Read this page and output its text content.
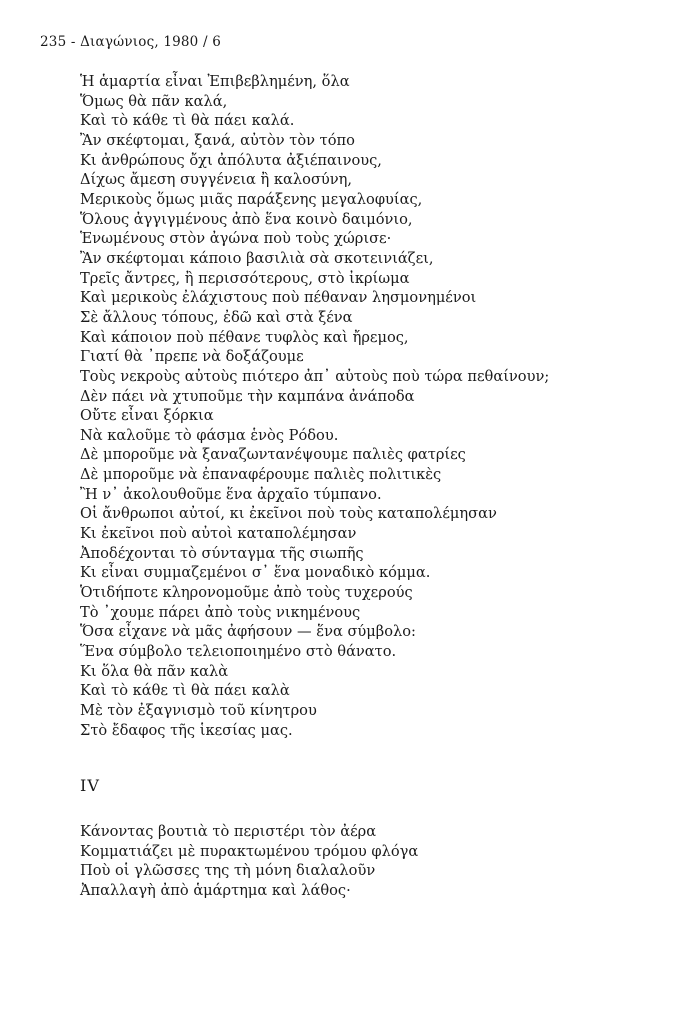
235 - Διαγώνιος, 1980 / 6
Ἡ ἁμαρτία εἶναι Ἐπιβεβλημένη, ὅλα
Ὅμως θὰ πᾶν καλά,
Καὶ τὸ κάθε τὶ θὰ πάει καλά.
Ἂν σκέφτομαι, ξανά, αὐτὸν τὸν τόπο
Κι ἀνθρώπους ὄχι ἀπόλυτα ἀξιέπαινους,
Δίχως ἄμεση συγγένεια ἢ καλοσύνη,
Μερικοὺς ὅμως μιᾶς παράξενης μεγαλοφυίας,
Ὅλους ἀγγιγμένους ἀπὸ ἕνα κοινὸ δαιμόνιο,
Ἑνωμένους στὸν ἀγώνα ποὺ τοὺς χώρισε·
Ἂν σκέφτομαι κάποιο βασιλιὰ σὰ σκοτεινιάζει,
Τρεῖς ἄντρες, ἢ περισσότερους, στὸ ἰκρίωμα
Καὶ μερικοὺς ἐλάχιστους ποὺ πέθαναν λησμονημένοι
Σὲ ἄλλους τόπους, ἐδῶ καὶ στὰ ξένα
Καὶ κάποιον ποὺ πέθανε τυφλὸς καὶ ἤρεμος,
Γιατί θὰ ᾽πρεπε νὰ δοξάζουμε
Τοὺς νεκροὺς αὐτοὺς πιότερο ἀπ᾽ αὐτοὺς ποὺ τώρα πεθαίνουν;
Δὲν πάει νὰ χτυποῦμε τὴν καμπάνα ἀνάποδα
Οὔτε εἶναι ξόρκια
Νὰ καλοῦμε τὸ φάσμα ἑνὸς Ρόδου.
Δὲ μποροῦμε νὰ ξαναζωντανέψουμε παλιὲς φατρίες
Δὲ μποροῦμε νὰ ἐπαναφέρουμε παλιὲς πολιτικὲς
Ἢ ν᾽ ἀκολουθοῦμε ἕνα ἀρχαῖο τύμπανο.
Οἱ ἄνθρωποι αὐτοί, κι ἐκεῖνοι ποὺ τοὺς καταπολέμησαν
Κι ἐκεῖνοι ποὺ αὐτοὶ καταπολέμησαν
Ἀποδέχονται τὸ σύνταγμα τῆς σιωπῆς
Κι εἶναι συμμαζεμένοι σ᾽ ἕνα μοναδικὸ κόμμα.
Ὁτιδήποτε κληρονομοῦμε ἀπὸ τοὺς τυχερούς
Τὸ ᾽χουμε πάρει ἀπὸ τοὺς νικημένους
Ὅσα εἶχανε νὰ μᾶς ἀφήσουν — ἕνα σύμβολο:
Ἕνα σύμβολο τελειοποιημένο στὸ θάνατο.
Κι ὅλα θὰ πᾶν καλὰ
Καὶ τὸ κάθε τὶ θὰ πάει καλὰ
Μὲ τὸν ἐξαγνισμὸ τοῦ κίνητρου
Στὸ ἔδαφος τῆς ἱκεσίας μας.
IV
Κάνοντας βουτιὰ τὸ περιστέρι τὸν ἀέρα
Κομματιάζει μὲ πυρακτωμένου τρόμου φλόγα
Ποὺ οἱ γλῶσσες της τὴ μόνη διαλαλοῦν
Ἀπαλλαγὴ ἀπὸ ἁμάρτημα καὶ λάθος·
